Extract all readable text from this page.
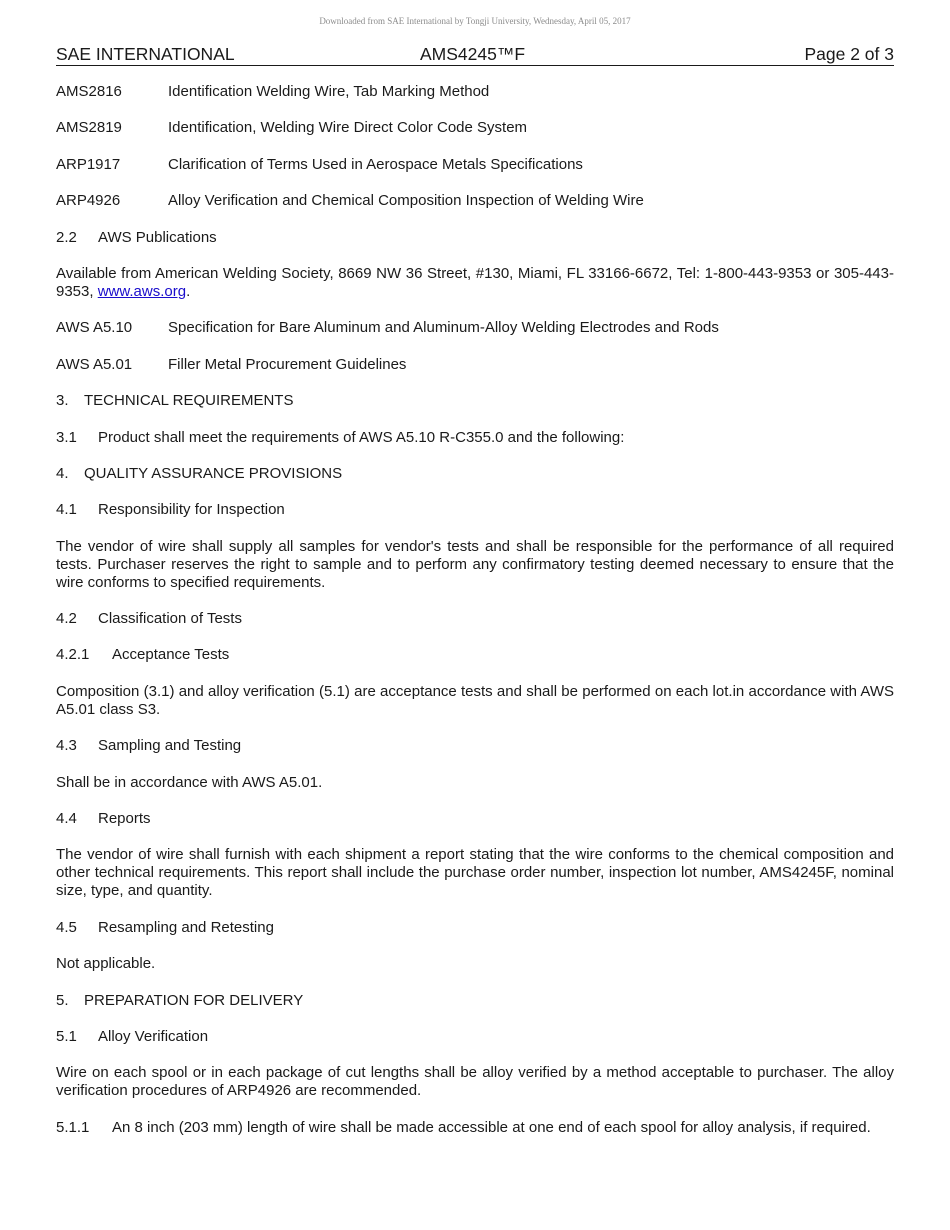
Downloaded from SAE International by Tongji University, Wednesday, April 05, 2017
SAE INTERNATIONAL	AMS4245™F	Page 2 of 3
AMS2816	Identification Welding Wire, Tab Marking Method
AMS2819	Identification, Welding Wire Direct Color Code System
ARP1917	Clarification of Terms Used in Aerospace Metals Specifications
ARP4926	Alloy Verification and Chemical Composition Inspection of Welding Wire
2.2 AWS Publications
Available from American Welding Society, 8669 NW 36 Street, #130, Miami, FL 33166-6672, Tel: 1-800-443-9353 or 305-443-9353, www.aws.org.
AWS A5.10	Specification for Bare Aluminum and Aluminum-Alloy Welding Electrodes and Rods
AWS A5.01	Filler Metal Procurement Guidelines
3. TECHNICAL REQUIREMENTS
3.1 Product shall meet the requirements of AWS A5.10 R-C355.0 and the following:
4. QUALITY ASSURANCE PROVISIONS
4.1 Responsibility for Inspection
The vendor of wire shall supply all samples for vendor's tests and shall be responsible for the performance of all required tests. Purchaser reserves the right to sample and to perform any confirmatory testing deemed necessary to ensure that the wire conforms to specified requirements.
4.2 Classification of Tests
4.2.1 Acceptance Tests
Composition (3.1) and alloy verification (5.1) are acceptance tests and shall be performed on each lot.in accordance with AWS A5.01 class S3.
4.3 Sampling and Testing
Shall be in accordance with AWS A5.01.
4.4 Reports
The vendor of wire shall furnish with each shipment a report stating that the wire conforms to the chemical composition and other technical requirements. This report shall include the purchase order number, inspection lot number, AMS4245F, nominal size, type, and quantity.
4.5 Resampling and Retesting
Not applicable.
5. PREPARATION FOR DELIVERY
5.1 Alloy Verification
Wire on each spool or in each package of cut lengths shall be alloy verified by a method acceptable to purchaser. The alloy verification procedures of ARP4926 are recommended.
5.1.1 An 8 inch (203 mm) length of wire shall be made accessible at one end of each spool for alloy analysis, if required.
